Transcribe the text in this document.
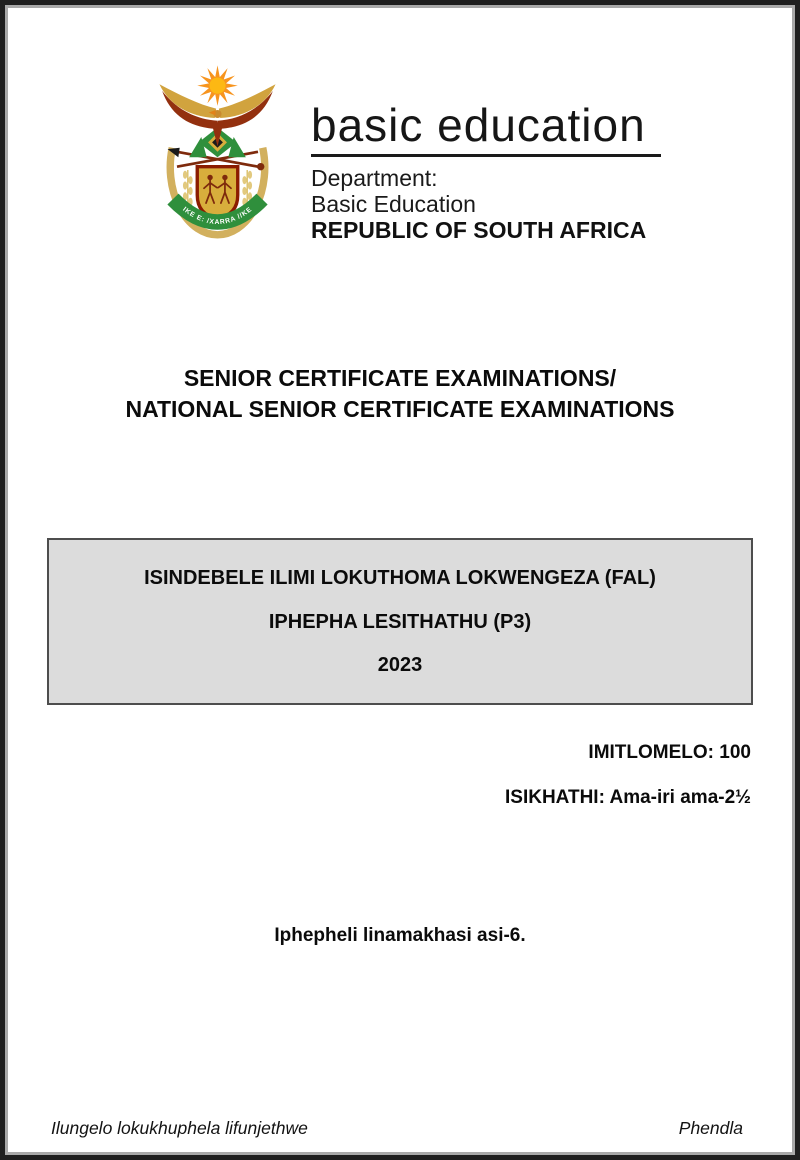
IKE E: /XARRA //KE
basic education
Department:
Basic Education
REPUBLIC OF SOUTH AFRICA
SENIOR CERTIFICATE EXAMINATIONS/
NATIONAL SENIOR CERTIFICATE EXAMINATIONS
ISINDEBELE ILIMI LOKUTHOMA LOKWENGEZA (FAL)
IPHEPHA LESITHATHU (P3)
2023
IMITLOMELO: 100
ISIKHATHI: Ama-iri ama-2½
Iphepheli linamakhasi asi-6.
Ilungelo lokukhuphela lifunjethwe	Phendla
